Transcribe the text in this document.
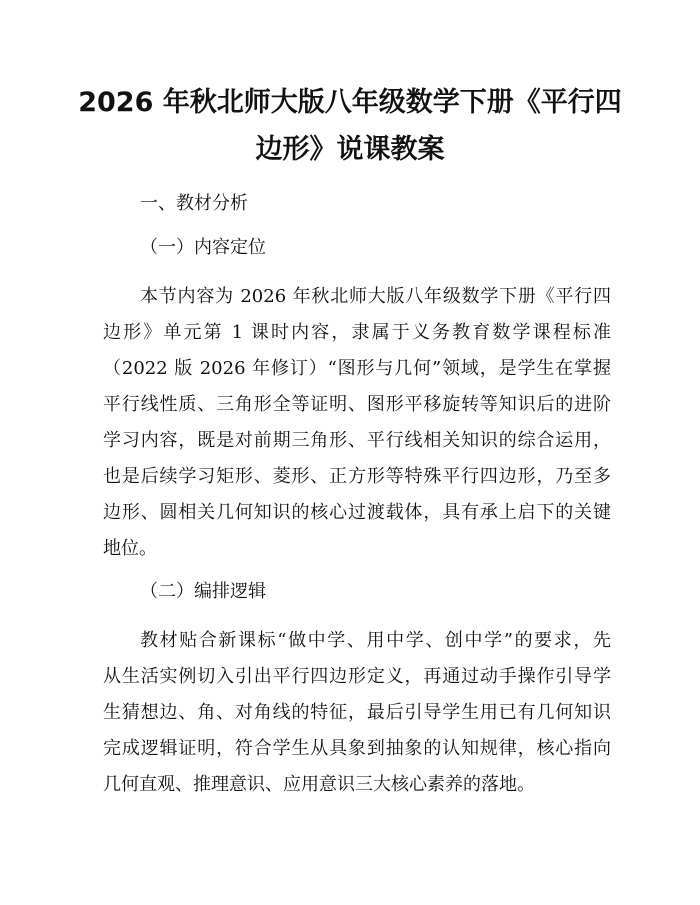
2026 年秋北师大版八年级数学下册《平行四
边形》说课教案

一、教材分析

（一）内容定位

本节内容为 2026 年秋北师大版八年级数学下册《平行四

边形》单元第 1 课时内容，隶属于义务教育数学课程标准

（2022 版 2026 年修订）“图形与几何”领域，是学生在掌握

平行线性质、三角形全等证明、图形平移旋转等知识后的进阶

学习内容，既是对前期三角形、平行线相关知识的综合运用，

也是后续学习矩形、菱形、正方形等特殊平行四边形，乃至多

边形、圆相关几何知识的核心过渡载体，具有承上启下的关键

地位。

（二）编排逻辑

教材贴合新课标“做中学、用中学、创中学”的要求，先

从生活实例切入引出平行四边形定义，再通过动手操作引导学

生猜想边、角、对角线的特征，最后引导学生用已有几何知识

完成逻辑证明，符合学生从具象到抽象的认知规律，核心指向

几何直观、推理意识、应用意识三大核心素养的落地。
